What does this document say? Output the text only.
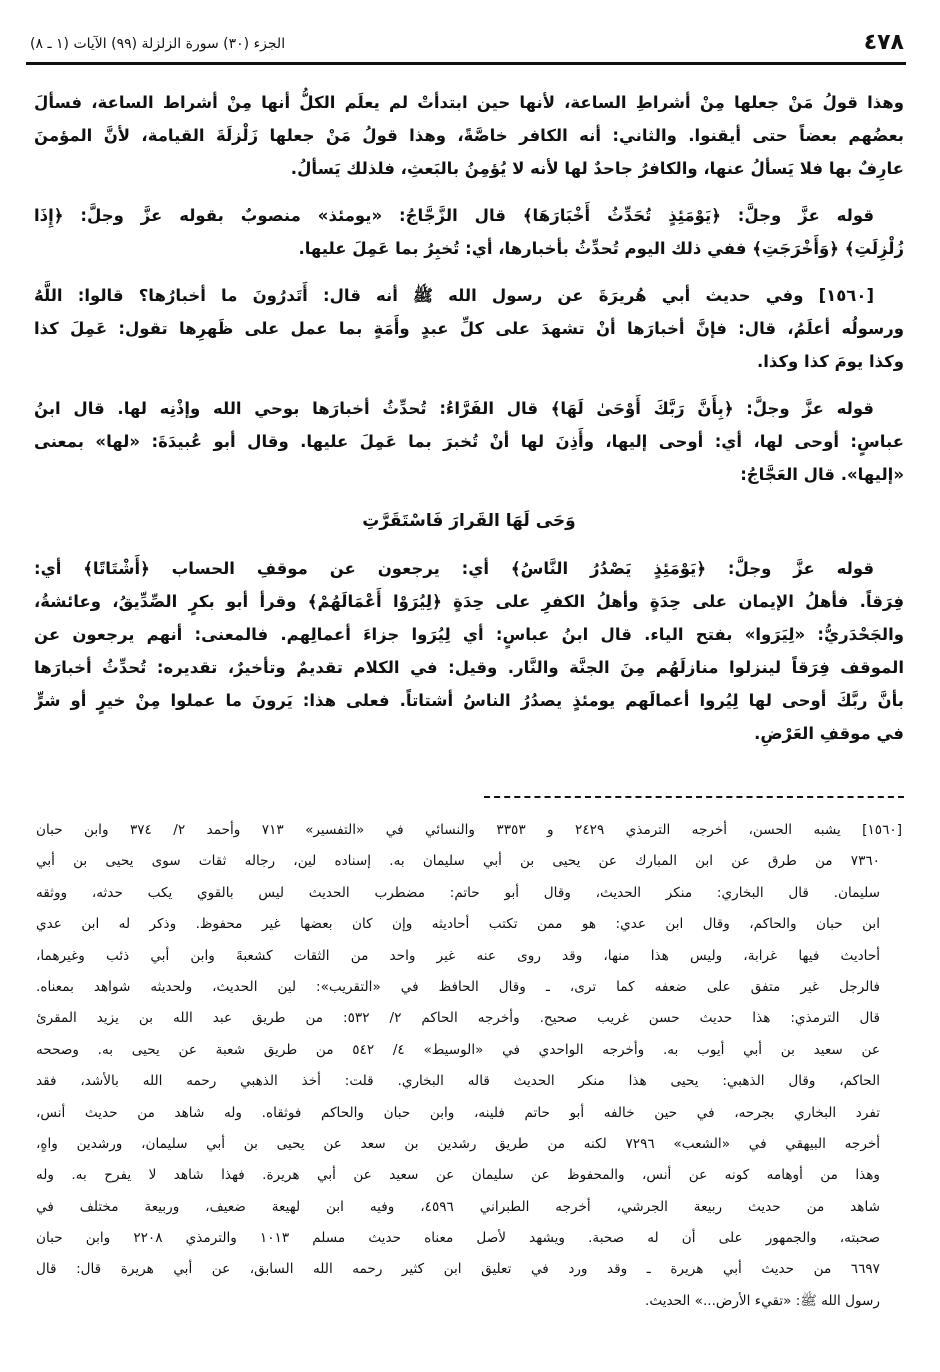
٤٧٨
الجزء (٣٠) سورة الزلزلة (٩٩) الآيات (١ ـ ٨)
وهذا قولُ مَنْ جعلها مِنْ أشراطِ الساعة، لأنها حين ابتدأتْ لم يعلَم الكلُّ أنها مِنْ أشراط الساعة، فسألَ
بعضُهم بعضاً حتى أيقنوا. والثاني: أنه الكافر خاصَّةً، وهذا قولُ مَنْ جعلها زَلْزلَةَ القيامة، لأنَّ المؤمنَ
عارِفٌ بها فلا يَسألُ عنها، والكافرُ جاحدٌ لها لأنه لا يُؤمِنُ بالبَعثِ، فلذلك يَسألُ.
قوله عزَّ وجلَّ: ﴿يَوْمَئِذٍ تُحَدِّثُ أَخْبَارَهَا﴾ قال الزَّجَّاجُ: «يومئذ» منصوبٌ بقوله عزَّ وجلَّ: ﴿إِذَا
زُلْزِلَتِ﴾ ﴿وَأَخْرَجَتِ﴾ ففي ذلك اليوم تُحدِّثُ بأخبارها، أي: تُخبِرُ بما عَمِلَ عليها.
[١٥٦٠] وفي حديث أبي هُريرَةَ عن رسول الله ﷺ أنه قال: أَتَدرُونَ ما أخبارُها؟ قالوا: اللَّهُ
ورسولُه أعلَمُ، قال: فإنَّ أخبارَها أنْ تشهدَ على كلِّ عبدٍ وأَمَةٍ بما عمل على ظَهرِها تقول: عَمِلَ كذا
وكذا يومَ كذا وكذا.
قوله عزَّ وجلَّ: ﴿بِأَنَّ رَبَّكَ أَوْحَىٰ لَهَا﴾ قال الفَرَّاءُ: تُحدِّثُ أخبارَها بوحي الله وإذْنِه لها. قال ابنُ
عباسٍ: أوحى لها، أي: أوحى إليها، وأَذِنَ لها أنْ تُخبرَ بما عَمِلَ عليها. وقال أبو عُبيدَةَ: «لها» بمعنى
«إليها». قال العَجَّاجُ:
وَحَى لَهَا القَرارَ فَاسْتَقَرَّتِ
قوله عزَّ وجلَّ: ﴿يَوْمَئِذٍ يَصْدُرُ النَّاسُ﴾ أي: يرجعون عن موقفِ الحساب ﴿أَشْتَاتًا﴾ أي:
فِرَقاً. فأهلُ الإيمان على حِدَةٍ وأهلُ الكفرِ على حِدَةٍ ﴿لِيُرَوْا أَعْمَالَهُمْ﴾ وقرأ أبو بكرٍ الصِّدِّيقُ، وعائشةُ،
والجَحْدَريُّ: «لِيَرَوا» بفتح الياء. قال ابنُ عباسٍ: أي لِيُرَوا جزاءَ أعمالِهم. فالمعنى: أنهم يرجعون عن
الموقف فِرَقاً لينزلوا منازلَهُم مِنَ الجنَّة والنَّار. وقيل: في الكلام تقديمٌ وتأخيرٌ، تقديره: تُحدِّثُ أخبارَها
بأنَّ ربَّكَ أوحى لها لِيُروا أعمالَهم يومئذٍ يصدُرُ الناسُ أشتاتاً. فعلى هذا: يَرونَ ما عملوا مِنْ خيرٍ أو شرٍّ
في موقفِ العَرْضِ.
[١٥٦٠] يشبه الحسن، أخرجه الترمذي ٢٤٢٩ و ٣٣٥٣ والنسائي في «التفسير» ٧١٣ وأحمد ٢/ ٣٧٤ وابن حبان
٧٣٦٠ من طرق عن ابن المبارك عن يحيى بن أبي سليمان به. إسناده لين، رجاله ثقات سوى يحيى بن أبي
سليمان. قال البخاري: منكر الحديث، وقال أبو حاتم: مضطرب الحديث ليس بالقوي يكب حدثه، ووثقه
ابن حبان والحاكم، وقال ابن عدي: هو ممن تكتب أحاديثه وإن كان بعضها غير محفوظ. وذكر له ابن عدي
أحاديث فيها غرابة، وليس هذا منها، وقد روى عنه غير واحد من الثقات كشعبةَ وابن أبي ذئب وغيرهما،
فالرجل غير متفق على ضعفه كما ترى، ـ وقال الحافظ في «التقريب»: لين الحديث، ولحديثه شواهد بمعناه.
قال الترمذي: هذا حديث حسن غريب صحيح. وأخرجه الحاكم ٢/ ٥٣٢: من طريق عبد الله بن يزيد المقرئ
عن سعيد بن أبي أيوب به. وأخرجه الواحدي في «الوسيط» ٤/ ٥٤٢ من طريق شعبة عن يحيى به. وصححه
الحاكم، وقال الذهبي: يحيى هذا منكر الحديث قاله البخاري. قلت: أخذ الذهبي رحمه الله بالأشد، فقد
تفرد البخاري بجرحه، في حين خالفه أبو حاتم فلينه، وابن حبان والحاكم فوثقاه. وله شاهد من حديث أنس،
أخرجه البيهقي في «الشعب» ٧٢٩٦ لكنه من طريق رشدين بن سعد عن يحيى بن أبي سليمان، ورشدين واهٍ،
وهذا من أوهامه كونه عن أنس، والمحفوظ عن سليمان عن سعيد عن أبي هريرة. فهذا شاهد لا يفرح به. وله
شاهد من حديث ربيعة الجرشي، أخرجه الطبراني ٤٥٩٦، وفيه ابن لهيعة ضعيف، وربيعة مختلف في
صحبته، والجمهور على أن له صحبة. ويشهد لأصل معناه حديث مسلم ١٠١٣ والترمذي ٢٢٠٨ وابن حبان
٦٦٩٧ من حديث أبي هريرة ـ وقد ورد في تعليق ابن كثير رحمه الله السابق، عن أبي هريرة قال: قال
رسول الله ﷺ: «تقيء الأرض...» الحديث.
